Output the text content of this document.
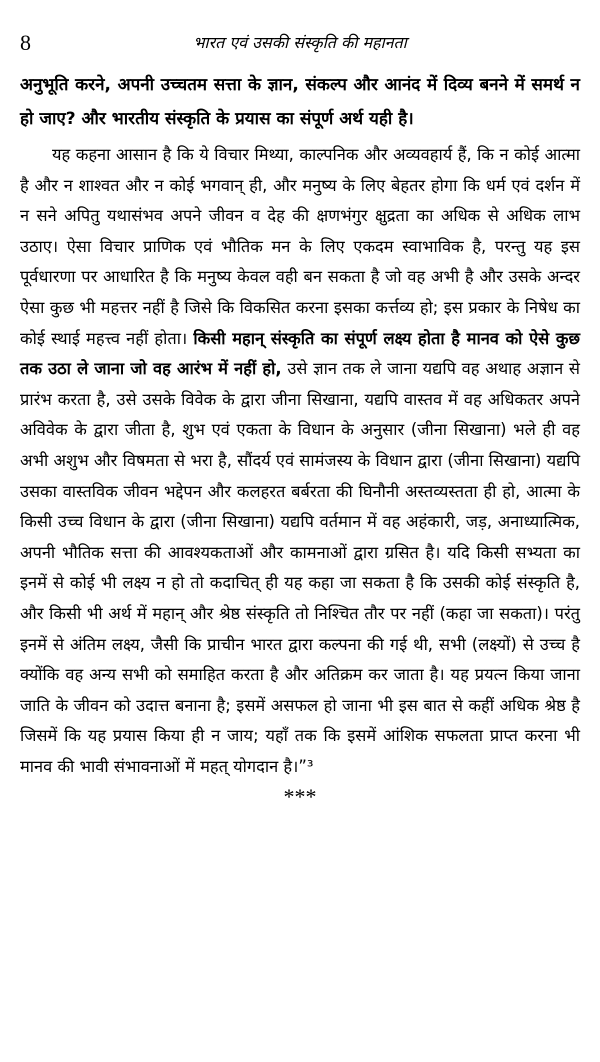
8	भारत एवं उसकी संस्कृति की महानता

अनुभूति करने, अपनी उच्चतम सत्ता के ज्ञान, संकल्प और आनंद में दिव्य बनने में समर्थ न हो जाए? और भारतीय संस्कृति के प्रयास का संपूर्ण अर्थ यही है।

यह कहना आसान है कि ये विचार मिथ्या, काल्पनिक और अव्यवहार्य हैं, कि न कोई आत्मा है और न शाश्वत और न कोई भगवान् ही, और मनुष्य के लिए बेहतर होगा कि धर्म एवं दर्शन में न सने अपितु यथासंभव अपने जीवन व देह की क्षणभंगुर क्षुद्रता का अधिक से अधिक लाभ उठाए। ऐसा विचार प्राणिक एवं भौतिक मन के लिए एकदम स्वाभाविक है, परन्तु यह इस पूर्वधारणा पर आधारित है कि मनुष्य केवल वही बन सकता है जो वह अभी है और उसके अन्दर ऐसा कुछ भी महत्तर नहीं है जिसे कि विकसित करना इसका कर्त्तव्य हो; इस प्रकार के निषेध का कोई स्थाई महत्त्व नहीं होता। किसी महान् संस्कृति का संपूर्ण लक्ष्य होता है मानव को ऐसे कुछ तक उठा ले जाना जो वह आरंभ में नहीं हो, उसे ज्ञान तक ले जाना यद्यपि वह अथाह अज्ञान से प्रारंभ करता है, उसे उसके विवेक के द्वारा जीना सिखाना, यद्यपि वास्तव में वह अधिकतर अपने अविवेक के द्वारा जीता है, शुभ एवं एकता के विधान के अनुसार (जीना सिखाना) भले ही वह अभी अशुभ और विषमता से भरा है, सौंदर्य एवं सामंजस्य के विधान द्वारा (जीना सिखाना) यद्यपि उसका वास्तविक जीवन भद्देपन और कलहरत बर्बरता की घिनौनी अस्तव्यस्तता ही हो, आत्मा के किसी उच्च विधान के द्वारा (जीना सिखाना) यद्यपि वर्तमान में वह अहंकारी, जड़, अनाध्यात्मिक, अपनी भौतिक सत्ता की आवश्यकताओं और कामनाओं द्वारा ग्रसित है। यदि किसी सभ्यता का इनमें से कोई भी लक्ष्य न हो तो कदाचित् ही यह कहा जा सकता है कि उसकी कोई संस्कृति है, और किसी भी अर्थ में महान् और श्रेष्ठ संस्कृति तो निश्चित तौर पर नहीं (कहा जा सकता)। परंतु इनमें से अंतिम लक्ष्य, जैसी कि प्राचीन भारत द्वारा कल्पना की गई थी, सभी (लक्ष्यों) से उच्च है क्योंकि वह अन्य सभी को समाहित करता है और अतिक्रम कर जाता है। यह प्रयत्न किया जाना जाति के जीवन को उदात्त बनाना है; इसमें असफल हो जाना भी इस बात से कहीं अधिक श्रेष्ठ है जिसमें कि यह प्रयास किया ही न जाय; यहाँ तक कि इसमें आंशिक सफलता प्राप्त करना भी मानव की भावी संभावनाओं में महत् योगदान है।”³

***
